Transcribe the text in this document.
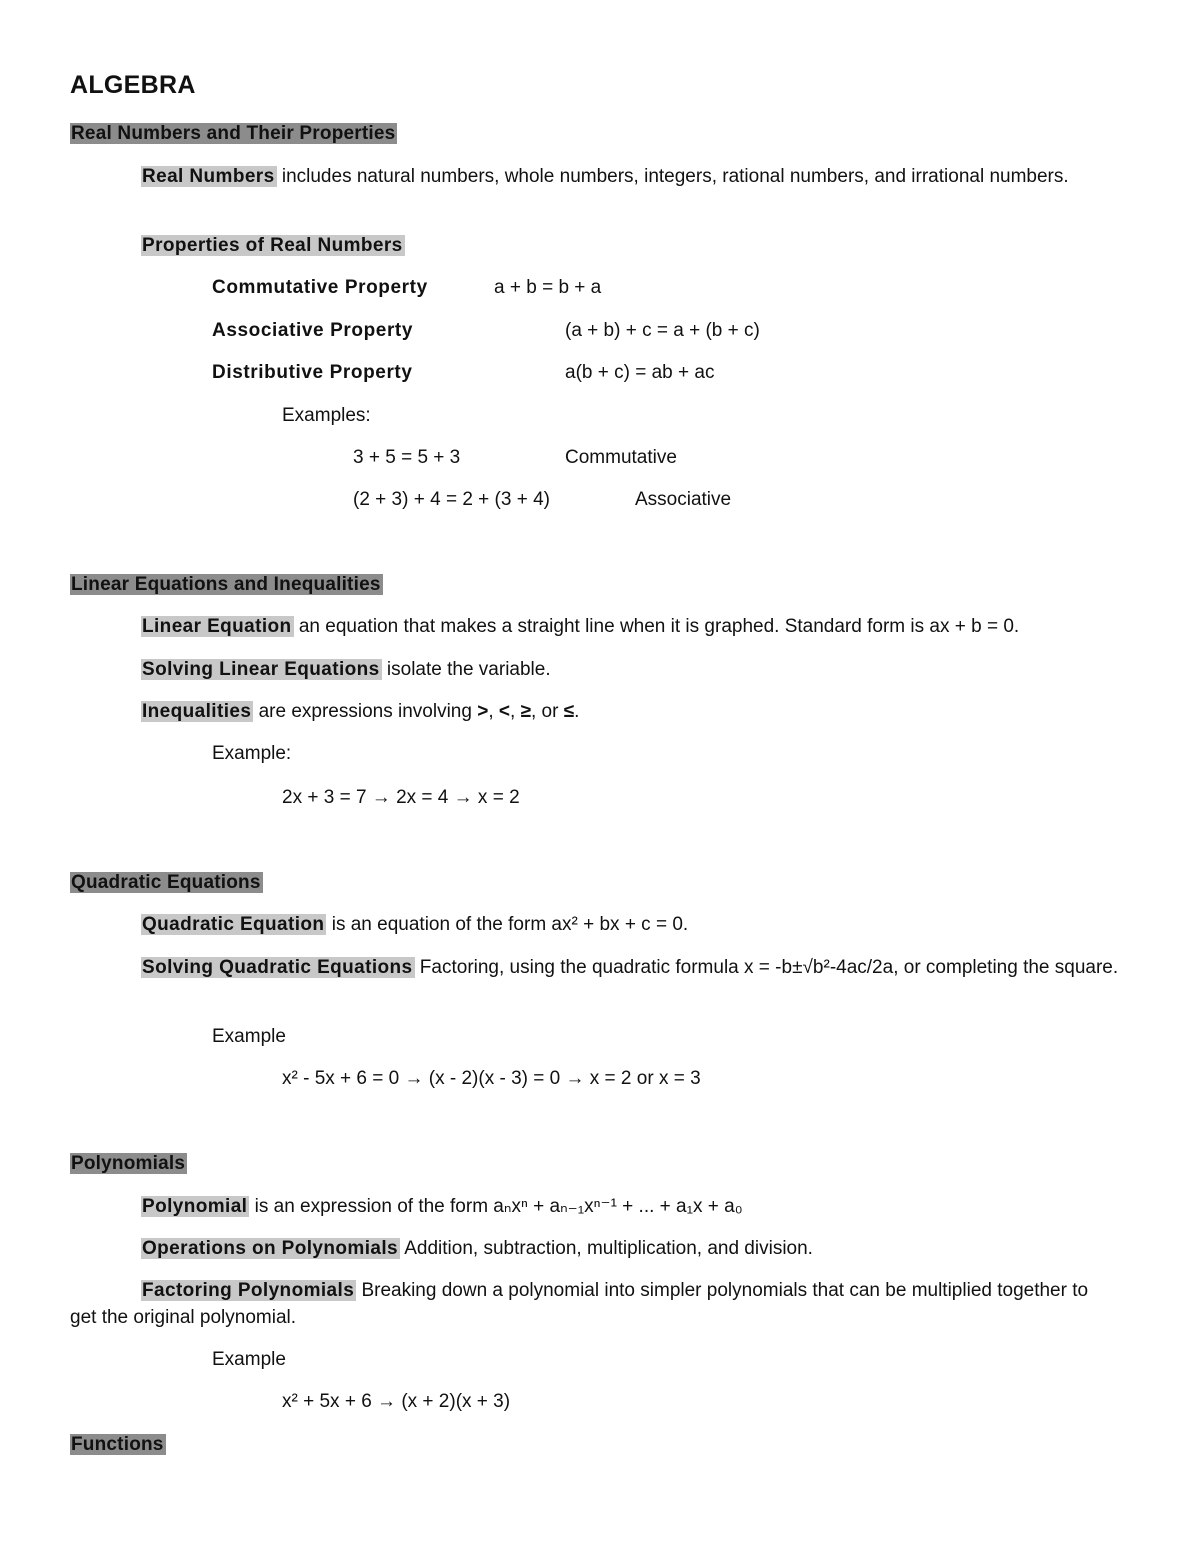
ALGEBRA
Real Numbers and Their Properties
Real Numbers includes natural numbers, whole numbers, integers, rational numbers, and irrational numbers.
Properties of Real Numbers
Commutative Property	a + b = b + a
Associative Property	(a + b) + c = a + (b + c)
Distributive Property	a(b + c) = ab + ac
Examples:
3 + 5 = 5 + 3	Commutative
(2 + 3) + 4 = 2 + (3 + 4)	Associative
Linear Equations and Inequalities
Linear Equation an equation that makes a straight line when it is graphed. Standard form is ax + b = 0.
Solving Linear Equations isolate the variable.
Inequalities are expressions involving >, <, ≥, or ≤.
Example:
2x + 3 = 7 → 2x = 4 → x = 2
Quadratic Equations
Quadratic Equation is an equation of the form ax² + bx + c = 0.
Solving Quadratic Equations Factoring, using the quadratic formula x = -b±√b²-4ac/2a, or completing the square.
Example
x² - 5x + 6 = 0 → (x - 2)(x - 3) = 0 → x = 2 or x = 3
Polynomials
Polynomial is an expression of the form aₙxⁿ + aₙ₋₁xⁿ⁻¹ + ... + a₁x + a₀
Operations on Polynomials Addition, subtraction, multiplication, and division.
Factoring Polynomials Breaking down a polynomial into simpler polynomials that can be multiplied together to get the original polynomial.
Example
x² + 5x + 6 → (x + 2)(x + 3)
Functions
